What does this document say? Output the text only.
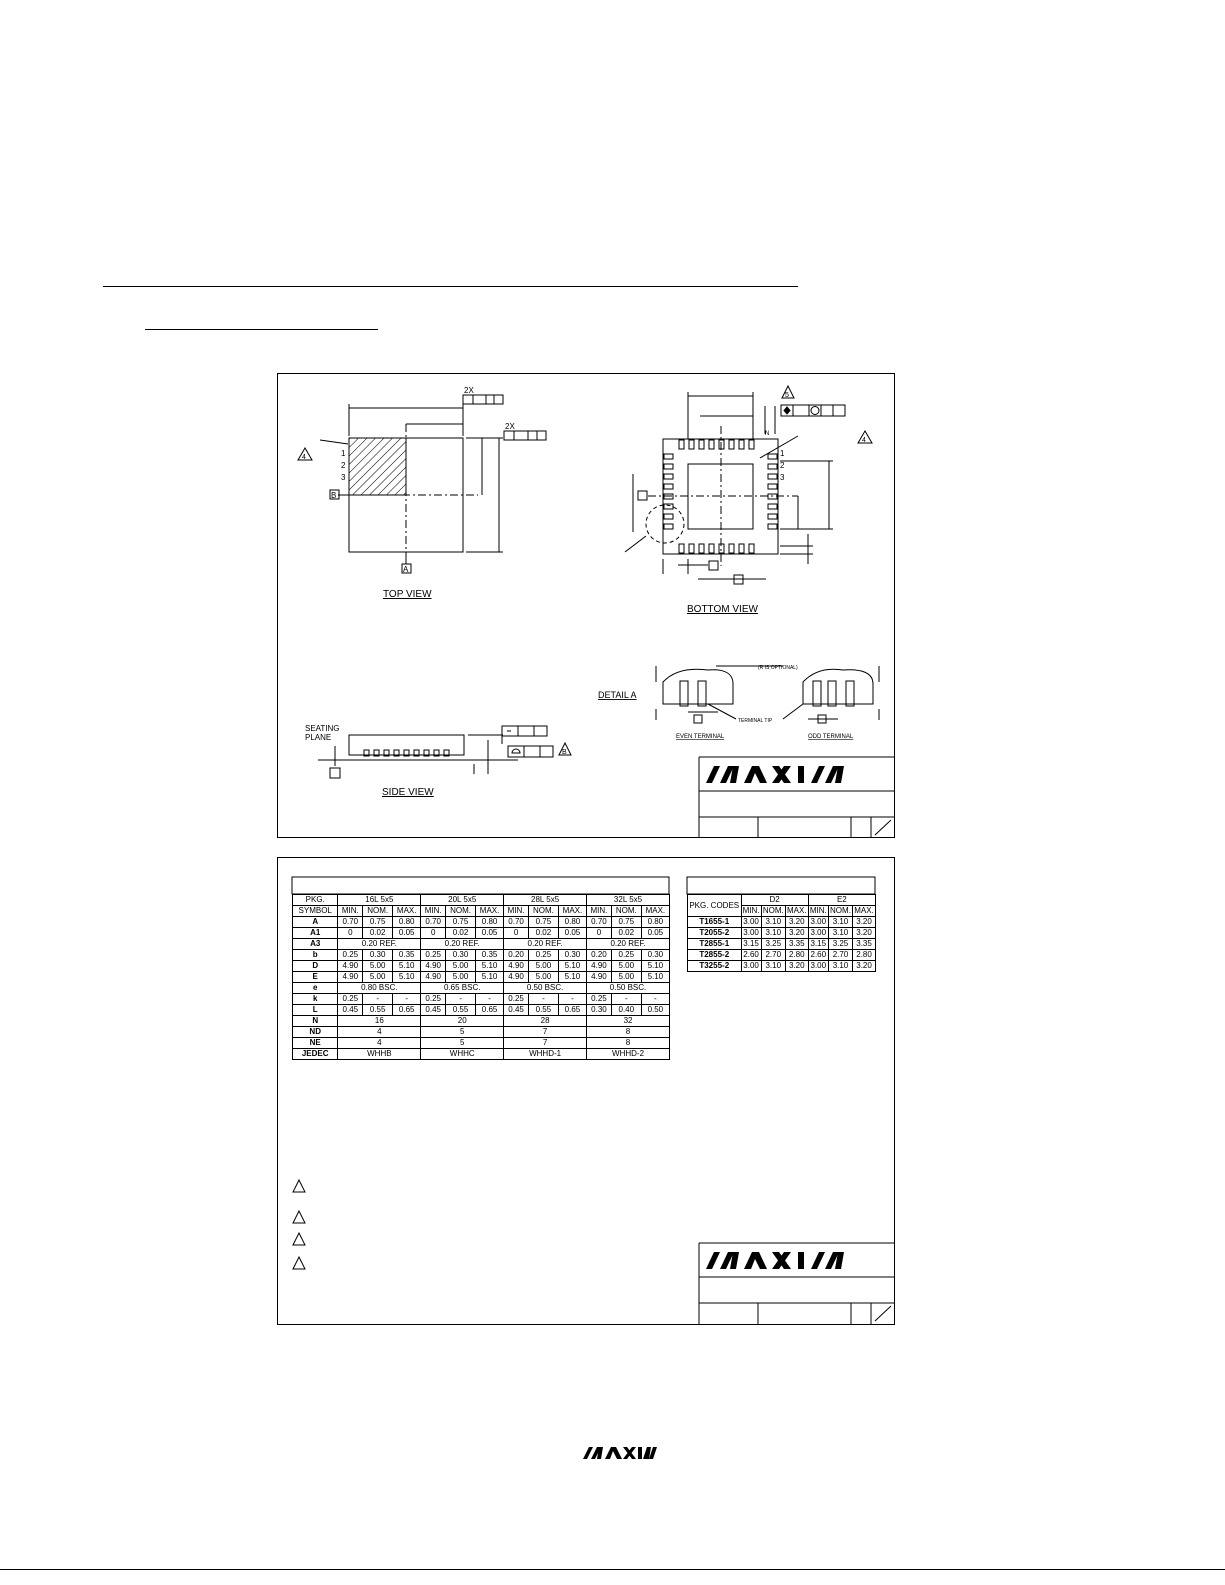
2X
2X
1
2
3
A
B
4
TOP VIEW
1
2
3
N
5
4
BOTTOM VIEW
SEATING
PLANE
B
SIDE VIEW
DETAIL A
(R IS OPTIONAL)
TERMINAL TIP
EVEN TERMINAL	ODD TERMINAL
PKG.	16L 5x5			20L 5x5			28L 5x5			32L 5x5		
SYMBOL	MIN.	NOM.	MAX.	MIN.	NOM.	MAX.	MIN.	NOM.	MAX.	MIN.	NOM.	MAX.
A	0.70	0.75	0.80	0.70	0.75	0.80	0.70	0.75	0.80	0.70	0.75	0.80
A1	0	0.02	0.05	0	0.02	0.05	0	0.02	0.05	0	0.02	0.05
A3	0.20 REF.			0.20 REF.			0.20 REF.			0.20 REF.		
b	0.25	0.30	0.35	0.25	0.30	0.35	0.20	0.25	0.30	0.20	0.25	0.30
D	4.90	5.00	5.10	4.90	5.00	5.10	4.90	5.00	5.10	4.90	5.00	5.10
E	4.90	5.00	5.10	4.90	5.00	5.10	4.90	5.00	5.10	4.90	5.00	5.10
e	0.80 BSC.			0.65 BSC.			0.50 BSC.			0.50 BSC.		
k	0.25	-	-	0.25	-	-	0.25	-	-	0.25	-	-
L	0.45	0.55	0.65	0.45	0.55	0.65	0.45	0.55	0.65	0.30	0.40	0.50
N	16			20			28			32		
ND	4			5			7			8		
NE	4			5			7			8		
JEDEC	WHHB			WHHC			WHHD-1			WHHD-2		
PKG. CODES	D2			E2		
	MIN.	NOM.	MAX.	MIN.	NOM.	MAX.
T1655-1	3.00	3.10	3.20	3.00	3.10	3.20
T2055-2	3.00	3.10	3.20	3.00	3.10	3.20
T2855-1	3.15	3.25	3.35	3.15	3.25	3.35
T2855-2	2.60	2.70	2.80	2.60	2.70	2.80
T3255-2	3.00	3.10	3.20	3.00	3.10	3.20
